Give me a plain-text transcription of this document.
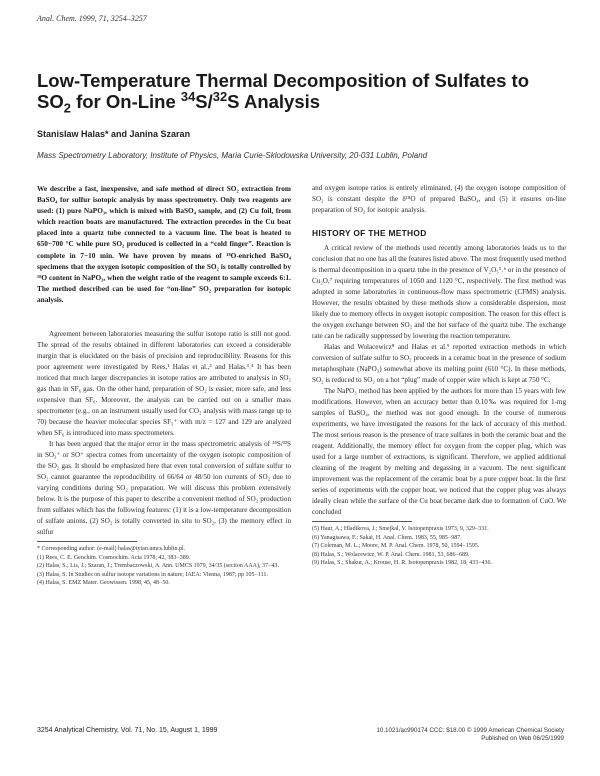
Anal. Chem. 1999, 71, 3254–3257
Low-Temperature Thermal Decomposition of Sulfates to $SO_2$ for On-Line $^{34}$S/$^{32}$S Analysis
Stanislaw Halas* and Janina Szaran
Mass Spectrometry Laboratory, Institute of Physics, Maria Curie-Sklodowska University, 20-031 Lublin, Poland

We describe a fast, inexpensive, and safe method of direct SO₂ extraction from BaSO₄ for sulfur isotopic analysis by mass spectrometry. Only two reagents are used: (1) pure NaPO₃, which is mixed with BaSO₄ sample, and (2) Cu foil, from which reaction boats are manufactured. The extraction precedes in the Cu boat placed into a quartz tube connected to a vacuum line. The boat is heated to 650−700 °C while pure SO₂ produced is collected in a “cold finger”. Reaction is complete in 7−10 min. We have proven by means of ¹⁸O-enriched BaSO₄ specimens that the oxygen isotopic composition of the SO₂ is totally controlled by ¹⁸O content in NaPO₃, when the weight ratio of the reagent to sample exceeds 6:1. The method described can be used for “on-line” SO₂ preparation for isotopic analysis.

Agreement between laboratories measuring the sulfur isotope ratio is still not good. The spread of the results obtained in different laboratories can exceed a considerable margin that is elucidated on the basis of precision and reproducibility. Reasons for this poor agreement were investigated by Rees,¹ Halas et al.,² and Halas.³˒⁴ It has been noticed that much larger discrepancies in isotope ratios are attributed to analysis in SO₂ gas than in SF₆ gas. On the other hand, preparation of SO₂ is easier, more safe, and less expensive than SF₆. Moreover, the analysis can be carried out on a smaller mass spectrometer (e.g., on an instrument usually used for CO₂ analysis with mass range up to 70) because the heavier molecular species SF₅⁺ with m/z = 127 and 129 are analyzed when SF₆ is introduced into mass spectrometers.

It has been argued that the major error in the mass spectrometric analysis of ³⁴S/³²S in SO₂⁺ or SO⁺ spectra comes from uncertainty of the oxygen isotopic composition of the SO₂ gas. It should be emphasized here that even total conversion of sulfate sulfur to SO₂ cannot guarantee the reproducibility of 66/64 or 48/50 ion currents of SO₂ due to varying conditions during SO₂ preparation. We will discuss this problem extensively below. It is the purpose of this paper to describe a convenient method of SO₂ production from sulfates which has the following features: (1) it is a low-temperature decomposition of sulfate anions, (2) SO₂ is totally converted in situ to SO₂, (3) the memory effect in sulfur

* Corresponding author: (e-mail) halas@tytan.umcs.lublin.pl.

(1) Rees, C. E. Geochim. Cosmochim. Acta 1978, 42, 383−389.

(2) Halas, S.; Lis, J.; Szaran, J.; Trembaczowski, A. Ann. UMCS 1979, 34/35 (section AAA), 37−43.

(3) Halas, S. In Studies on sulfur isotope variations in nature; IAEA: Vienna, 1987; pp 105−111.

(4) Halas, S. EMZ Mater. Geowissen. 1998, 45, 48−50.

and oxygen isotope ratios is entirely eliminated, (4) the oxygen isotope composition of SO₂ is constant despite the δ¹⁸O of prepared BaSO₄, and (5) it ensures on-line preparation of SO₂ for isotopic analysis.

HISTORY OF THE METHOD

A critical review of the methods used recently among laboratories leads us to the conclusion that no one has all the features listed above. The most frequently used method is thermal decomposition in a quartz tube in the presence of V₂O₅⁵˒⁶ or in the presence of Cu₂O,⁷ requiring temperatures of 1050 and 1120 °C, respectively. The first method was adopted in some laboratories in continuous-flow mass spectrometric (CFMS) analysis. However, the results obtained by these methods show a considerable dispersion, most likely due to memory effects in oxygen isotopic composition. The reason for this effect is the oxygen exchange between SO₂ and the hot surface of the quartz tube. The exchange rate can be radically suppressed by lowering the reaction temperature.

Halas and Wolacewicz⁸ and Halas et al.⁹ reported extraction methods in which conversion of sulfate sulfur to SO₂ proceeds in a ceramic boat in the presence of sodium metaphosphate (NaPO₃) somewhat above its melting point (610 °C). In these methods, SO₂ is reduced to SO₂ on a hot “plug” made of copper wire which is kept at 750 °C.

The NaPO₃ method has been applied by the authors for more than 15 years with few modifications. However, when an accuracy better than 0.10‰ was required for 1-mg samples of BaSO₄, the method was not good enough. In the course of numerous experiments, we have investigated the reasons for the lack of accuracy of this method. The most serious reason is the presence of trace sulfates in both the ceramic boat and the reagent. Additionally, the memory effect for oxygen from the copper plug, which was used for a large number of extractions, is significant. Therefore, we applied additional cleaning of the reagent by melting and degassing in a vacuum. The next significant improvement was the replacement of the ceramic boat by a pure copper boat. In the first series of experiments with the copper boat, we noticed that the copper plug was always ideally clean while the surface of the Cu boat became dark due to formation of CuO. We concluded

(5) Haur, A.; Hladikova, J.; Smejkal, V. Isotopenpraxis 1973, 9, 329−331.

(6) Yanagisawa, F.; Sakai, H. Anal. Chem. 1983, 55, 985−987.

(7) Coleman, M. L.; Moore, M. P. Anal. Chem. 1978, 50, 1594−1595.

(8) Halas, S.; Wolacewicz, W. P. Anal. Chem. 1981, 53, 686−689.

(9) Halas, S.; Shakur, A.; Krouse, H. R. Isotopenpraxis 1982, 18, 433−436.

3254 Analytical Chemistry, Vol. 71, No. 15, August 1, 1999	10.1021/ac990174 CCC: $18.00 © 1999 American Chemical Society
Published on Web 06/25/1999
